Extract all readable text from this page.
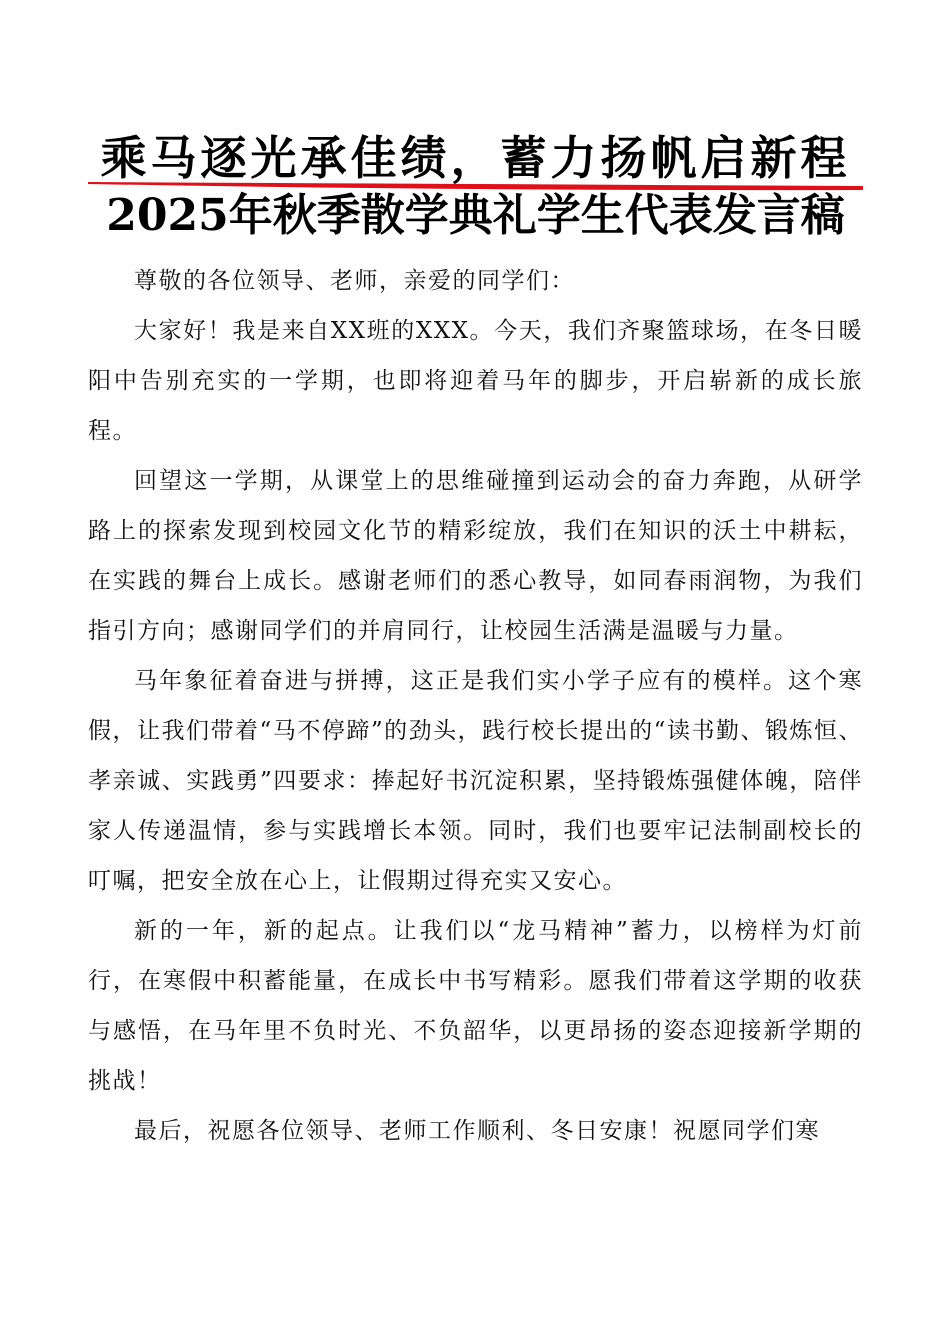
乘马逐光承佳绩，蓄力扬帆启新程
2025年秋季散学典礼学生代表发言稿

尊敬的各位领导、老师，亲爱的同学们：

大家好！我是来自XX班的XXX。今天，我们齐聚篮球场，在冬日暖阳中告别充实的一学期，也即将迎着马年的脚步，开启崭新的成长旅程。

回望这一学期，从课堂上的思维碰撞到运动会的奋力奔跑，从研学路上的探索发现到校园文化节的精彩绽放，我们在知识的沃土中耕耘，在实践的舞台上成长。感谢老师们的悉心教导，如同春雨润物，为我们指引方向；感谢同学们的并肩同行，让校园生活满是温暖与力量。

马年象征着奋进与拼搏，这正是我们实小学子应有的模样。这个寒假，让我们带着“马不停蹄”的劲头，践行校长提出的“读书勤、锻炼恒、孝亲诚、实践勇”四要求：捧起好书沉淀积累，坚持锻炼强健体魄，陪伴家人传递温情，参与实践增长本领。同时，我们也要牢记法制副校长的叮嘱，把安全放在心上，让假期过得充实又安心。

新的一年，新的起点。让我们以“龙马精神”蓄力，以榜样为灯前行，在寒假中积蓄能量，在成长中书写精彩。愿我们带着这学期的收获与感悟，在马年里不负时光、不负韶华，以更昂扬的姿态迎接新学期的挑战！

最后，祝愿各位领导、老师工作顺利、冬日安康！祝愿同学们寒
